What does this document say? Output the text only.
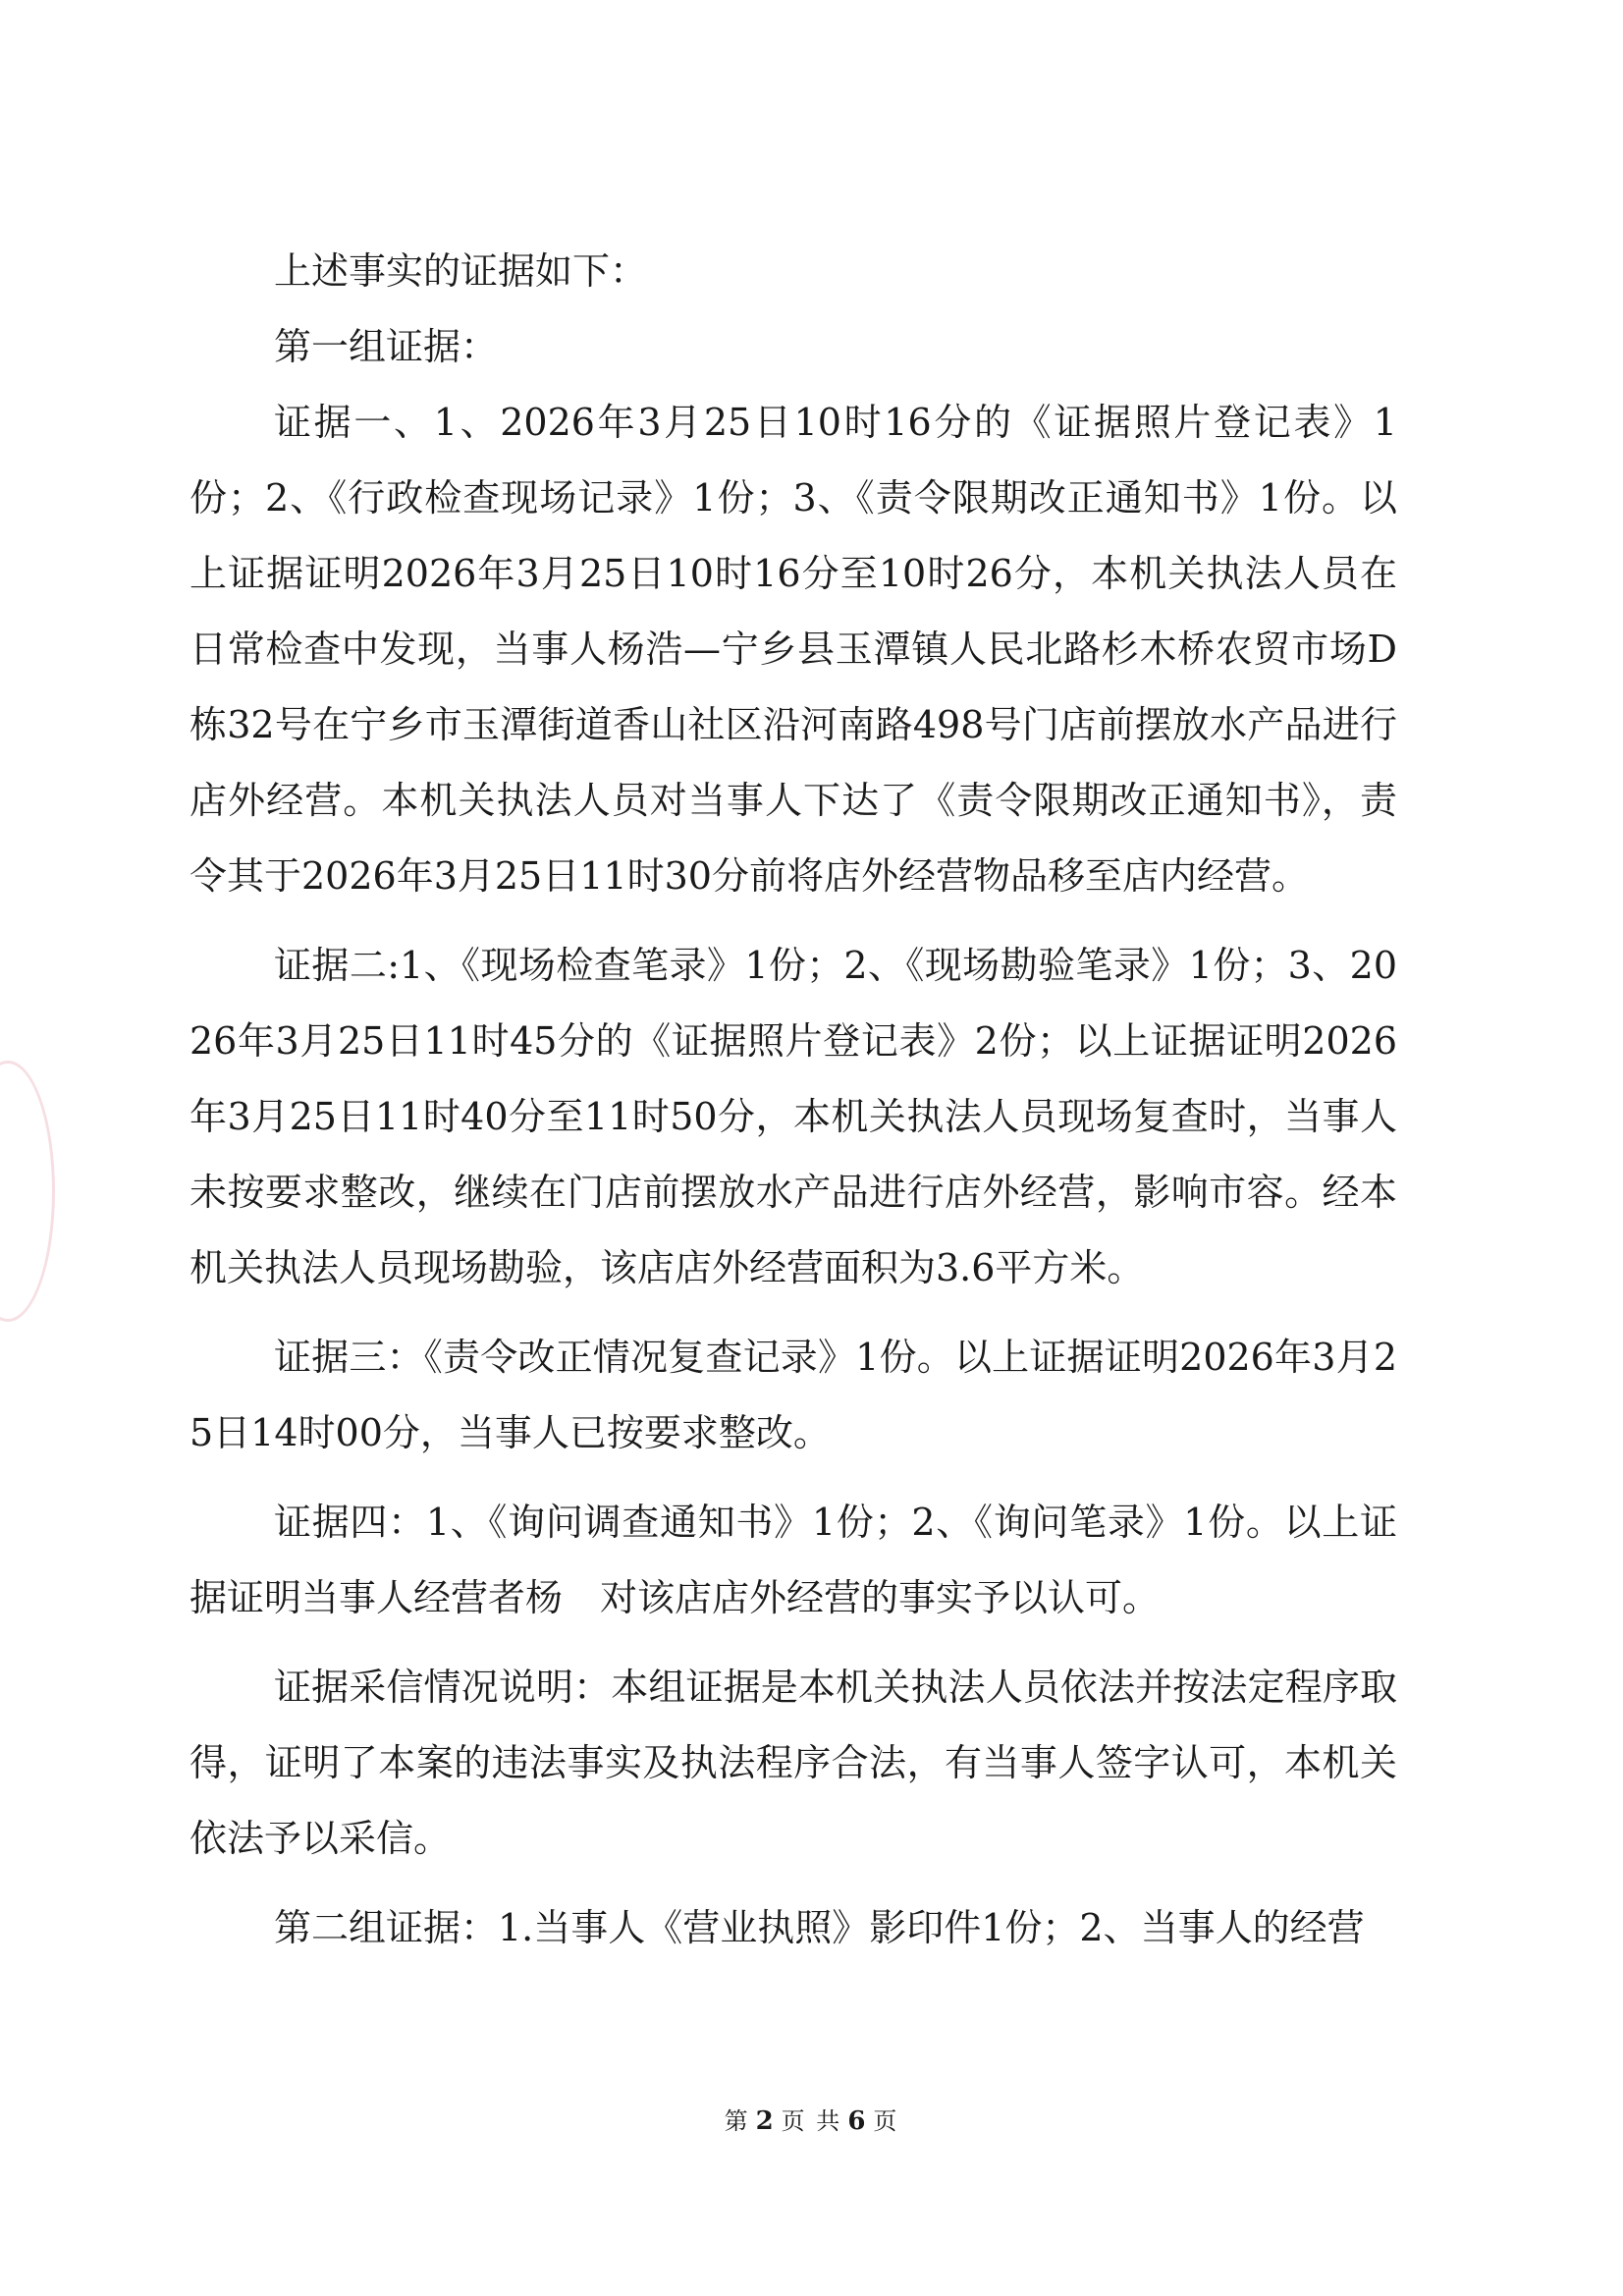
上述事实的证据如下：

第一组证据：

证据一、1、2026年3月25日10时16分的《证据照片登记表》1份；2、《行政检查现场记录》1份；3、《责令限期改正通知书》1份。以上证据证明2026年3月25日10时16分至10时26分，本机关执法人员在日常检查中发现，当事人杨浩—宁乡县玉潭镇人民北路杉木桥农贸市场D栋32号在宁乡市玉潭街道香山社区沿河南路498号门店前摆放水产品进行店外经营。本机关执法人员对当事人下达了《责令限期改正通知书》，责令其于2026年3月25日11时30分前将店外经营物品移至店内经营。

证据二:1、《现场检查笔录》1份；2、《现场勘验笔录》1份；3、2026年3月25日11时45分的《证据照片登记表》2份；以上证据证明2026年3月25日11时40分至11时50分，本机关执法人员现场复查时，当事人未按要求整改，继续在门店前摆放水产品进行店外经营，影响市容。经本机关执法人员现场勘验，该店店外经营面积为3.6平方米。

证据三：《责令改正情况复查记录》1份。以上证据证明2026年3月25日14时00分，当事人已按要求整改。

证据四：1、《询问调查通知书》1份；2、《询问笔录》1份。以上证据证明当事人经营者杨　对该店店外经营的事实予以认可。

证据采信情况说明：本组证据是本机关执法人员依法并按法定程序取得，证明了本案的违法事实及执法程序合法，有当事人签字认可，本机关依法予以采信。

第二组证据：1.当事人《营业执照》影印件1份；2、当事人的经营

第 2 页 共 6 页
